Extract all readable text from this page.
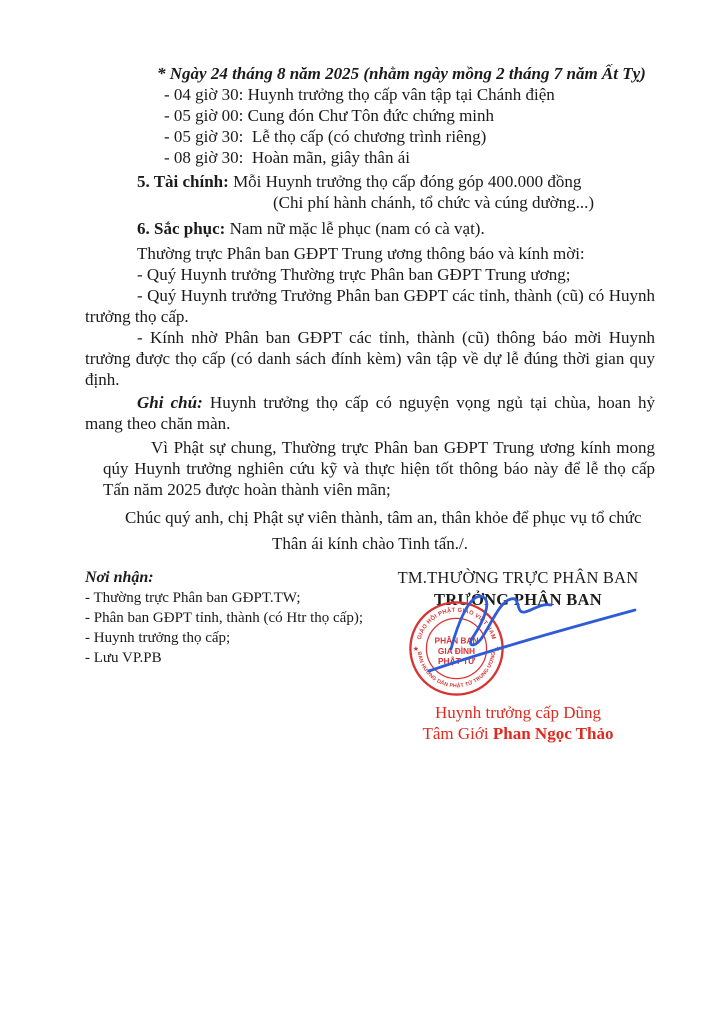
* Ngày 24 tháng 8 năm 2025 (nhằm ngày mồng 2 tháng 7 năm Ất Tỵ)

- 04 giờ 30: Huynh trưởng thọ cấp vân tập tại Chánh điện

- 05 giờ 00: Cung đón Chư Tôn đức chứng minh

- 05 giờ 30:  Lễ thọ cấp (có chương trình riêng)

- 08 giờ 30:  Hoàn mãn, giây thân ái

5. Tài chính: Mỗi Huynh trưởng thọ cấp đóng góp 400.000 đồng

(Chi phí hành chánh, tổ chức và cúng dường...)

6. Sắc phục: Nam nữ mặc lễ phục (nam có cà vạt).

Thường trực Phân ban GĐPT Trung ương thông báo và kính mời:

- Quý Huynh trưởng Thường trực Phân ban GĐPT Trung ương;

- Quý Huynh trưởng Trưởng Phân ban GĐPT các tỉnh, thành (cũ) có Huynh trưởng thọ cấp.

- Kính nhờ Phân ban GĐPT các tỉnh, thành (cũ) thông báo mời Huynh trưởng được thọ cấp (có danh sách đính kèm) vân tập về dự lễ đúng thời gian quy định.

Ghi chú: Huynh trưởng thọ cấp có nguyện vọng ngủ tại chùa, hoan hỷ mang theo chăn màn.

Vì Phật sự chung, Thường trực Phân ban GĐPT Trung ương kính mong qúy Huynh trưởng nghiên cứu kỹ và thực hiện tốt thông báo này để lễ thọ cấp Tấn năm 2025 được hoàn thành viên mãn;

Chúc quý anh, chị Phật sự viên thành, tâm an, thân khỏe để phục vụ tổ chức

Thân ái kính chào Tinh tấn./.

Nơi nhận:

- Thường trực Phân ban GĐPT.TW;

- Phân ban GĐPT tỉnh, thành (có Htr thọ cấp);

- Huynh trưởng thọ cấp;

- Lưu VP.PB

TM.THƯỜNG TRỰC PHÂN BAN

TRƯỞNG PHÂN BAN

GIÁO HỘI PHẬT GIÁO VIỆT NAM
BAN HƯỚNG DẪN PHẬT TỬ TRUNG ƯƠNG
★	★
PHÂN BAN
GIA ĐÌNH
PHẬT TỬ

Huynh trưởng cấp Dũng

Tâm Giới Phan Ngọc Thảo
